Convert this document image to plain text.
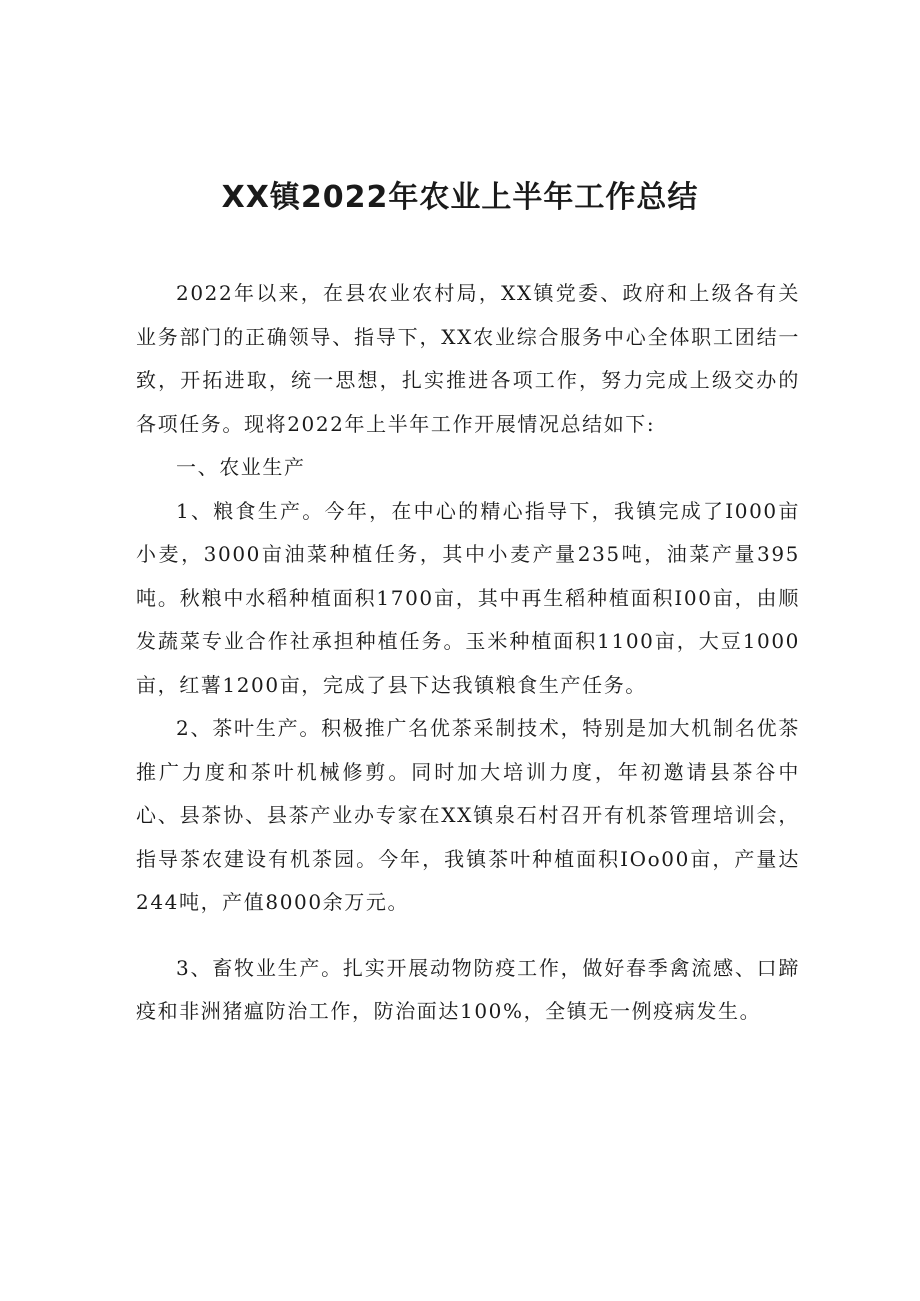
XX镇2022年农业上半年工作总结

2022年以来，在县农业农村局，XX镇党委、政府和上级各有关业务部门的正确领导、指导下，XX农业综合服务中心全体职工团结一致，开拓进取，统一思想，扎实推进各项工作，努力完成上级交办的各项任务。现将2022年上半年工作开展情况总结如下:

一、农业生产

1、粮食生产。今年，在中心的精心指导下，我镇完成了I000亩小麦，3000亩油菜种植任务，其中小麦产量235吨，油菜产量395吨。秋粮中水稻种植面积1700亩，其中再生稻种植面积I00亩，由顺发蔬菜专业合作社承担种植任务。玉米种植面积1100亩，大豆1000亩，红薯1200亩，完成了县下达我镇粮食生产任务。

2、茶叶生产。积极推广名优茶采制技术，特别是加大机制名优茶推广力度和茶叶机械修剪。同时加大培训力度，年初邀请县茶谷中心、县茶协、县茶产业办专家在XX镇泉石村召开有机茶管理培训会，指导茶农建设有机茶园。今年，我镇茶叶种植面积IOo00亩，产量达244吨，产值8000余万元。

3、畜牧业生产。扎实开展动物防疫工作，做好春季禽流感、口蹄疫和非洲猪瘟防治工作，防治面达100%，全镇无一例疫病发生。
